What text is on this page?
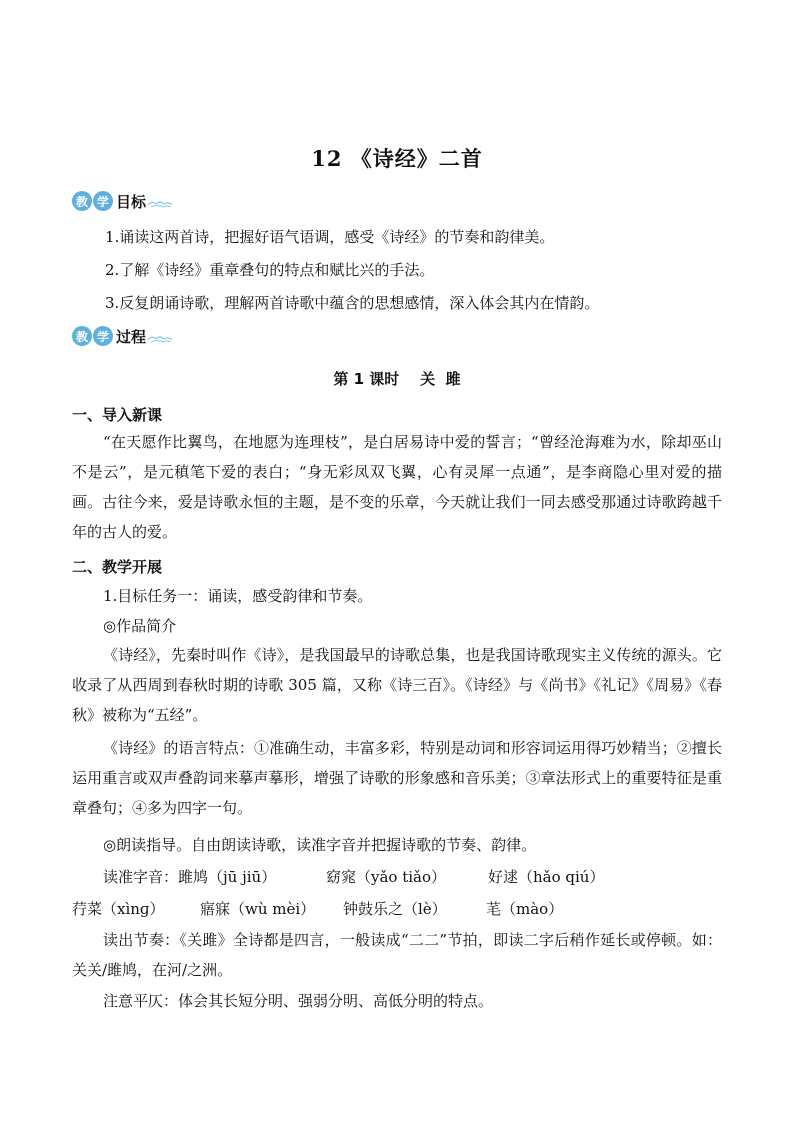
12 《诗经》二首
教 学 目标
1.诵读这两首诗，把握好语气语调，感受《诗经》的节奏和韵律美。
2.了解《诗经》重章叠句的特点和赋比兴的手法。
3.反复朗诵诗歌，理解两首诗歌中蕴含的思想感情，深入体会其内在情韵。
教 学 过程
第 1 课时    关  雎
一、导入新课
“在天愿作比翼鸟，在地愿为连理枝”，是白居易诗中爱的誓言；“曾经沧海难为水，除却巫山不是云”，是元稹笔下爱的表白；“身无彩凤双飞翼，心有灵犀一点通”，是李商隐心里对爱的描画。古往今来，爱是诗歌永恒的主题，是不变的乐章，今天就让我们一同去感受那通过诗歌跨越千年的古人的爱。
二、教学开展
1.目标任务一：诵读，感受韵律和节奏。
◎作品简介
《诗经》，先秦时叫作《诗》，是我国最早的诗歌总集，也是我国诗歌现实主义传统的源头。它收录了从西周到春秋时期的诗歌 305 篇，又称《诗三百》。《诗经》与《尚书》《礼记》《周易》《春秋》被称为“五经”。
《诗经》的语言特点：①准确生动，丰富多彩，特别是动词和形容词运用得巧妙精当；②擅长运用重言或双声叠韵词来摹声摹形，增强了诗歌的形象感和音乐美；③章法形式上的重要特征是重章叠句；④多为四字一句。
◎朗读指导。自由朗读诗歌，读准字音并把握诗歌的节奏、韵律。
读准字音： 雎鸠（jū jiū）	窈窕（yǎo tiǎo）	好逑（hǎo qiú）
荇菜（xìnɡ） 寤寐（wù mèi） 钟鼓乐之（lè）	芼（mào）
读出节奏：《关雎》全诗都是四言，一般读成“二二”节拍，即读二字后稍作延长或停顿。如：关关/雎鸠，在河/之洲。
注意平仄：体会其长短分明、强弱分明、高低分明的特点。
